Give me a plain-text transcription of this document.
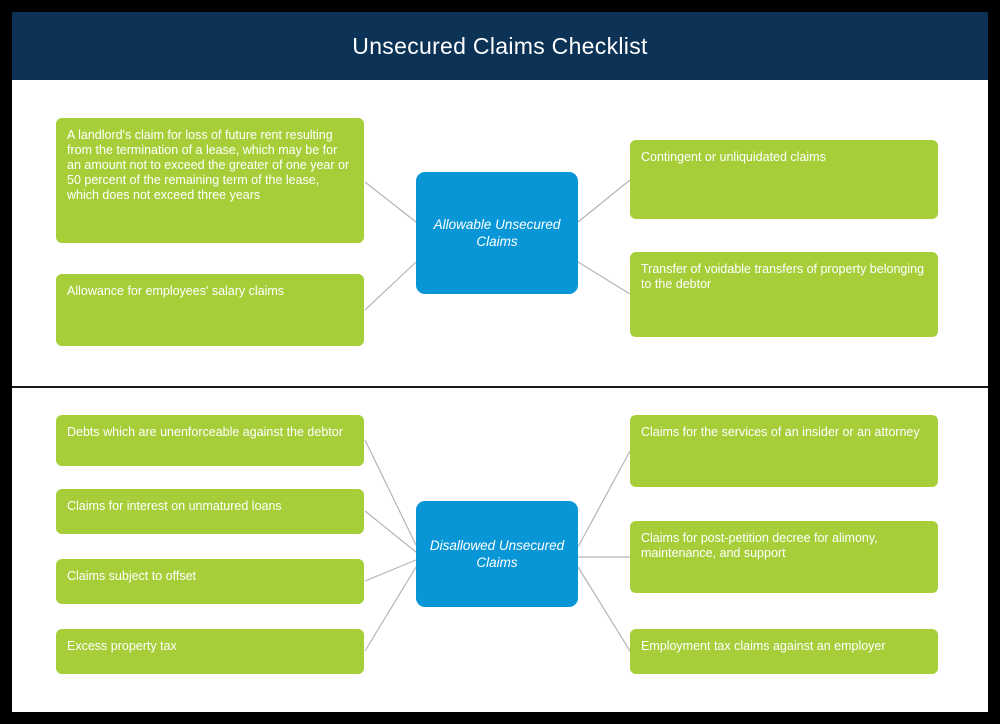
Unsecured Claims Checklist
A landlord's claim for loss of future rent resulting from the termination of a lease, which may be for an amount not to exceed the greater of one year or 50 percent of the remaining term of the lease, which does not exceed three years
Allowance for employees' salary claims
Allowable Unsecured Claims
Contingent or unliquidated claims
Transfer of voidable transfers of property belonging to the debtor
Debts which are unenforceable against the debtor
Claims for interest on unmatured loans
Claims subject to offset
Excess property tax
Disallowed Unsecured Claims
Claims for the services of an insider or an attorney
Claims for post-petition decree for alimony, maintenance, and support
Employment tax claims against an employer
